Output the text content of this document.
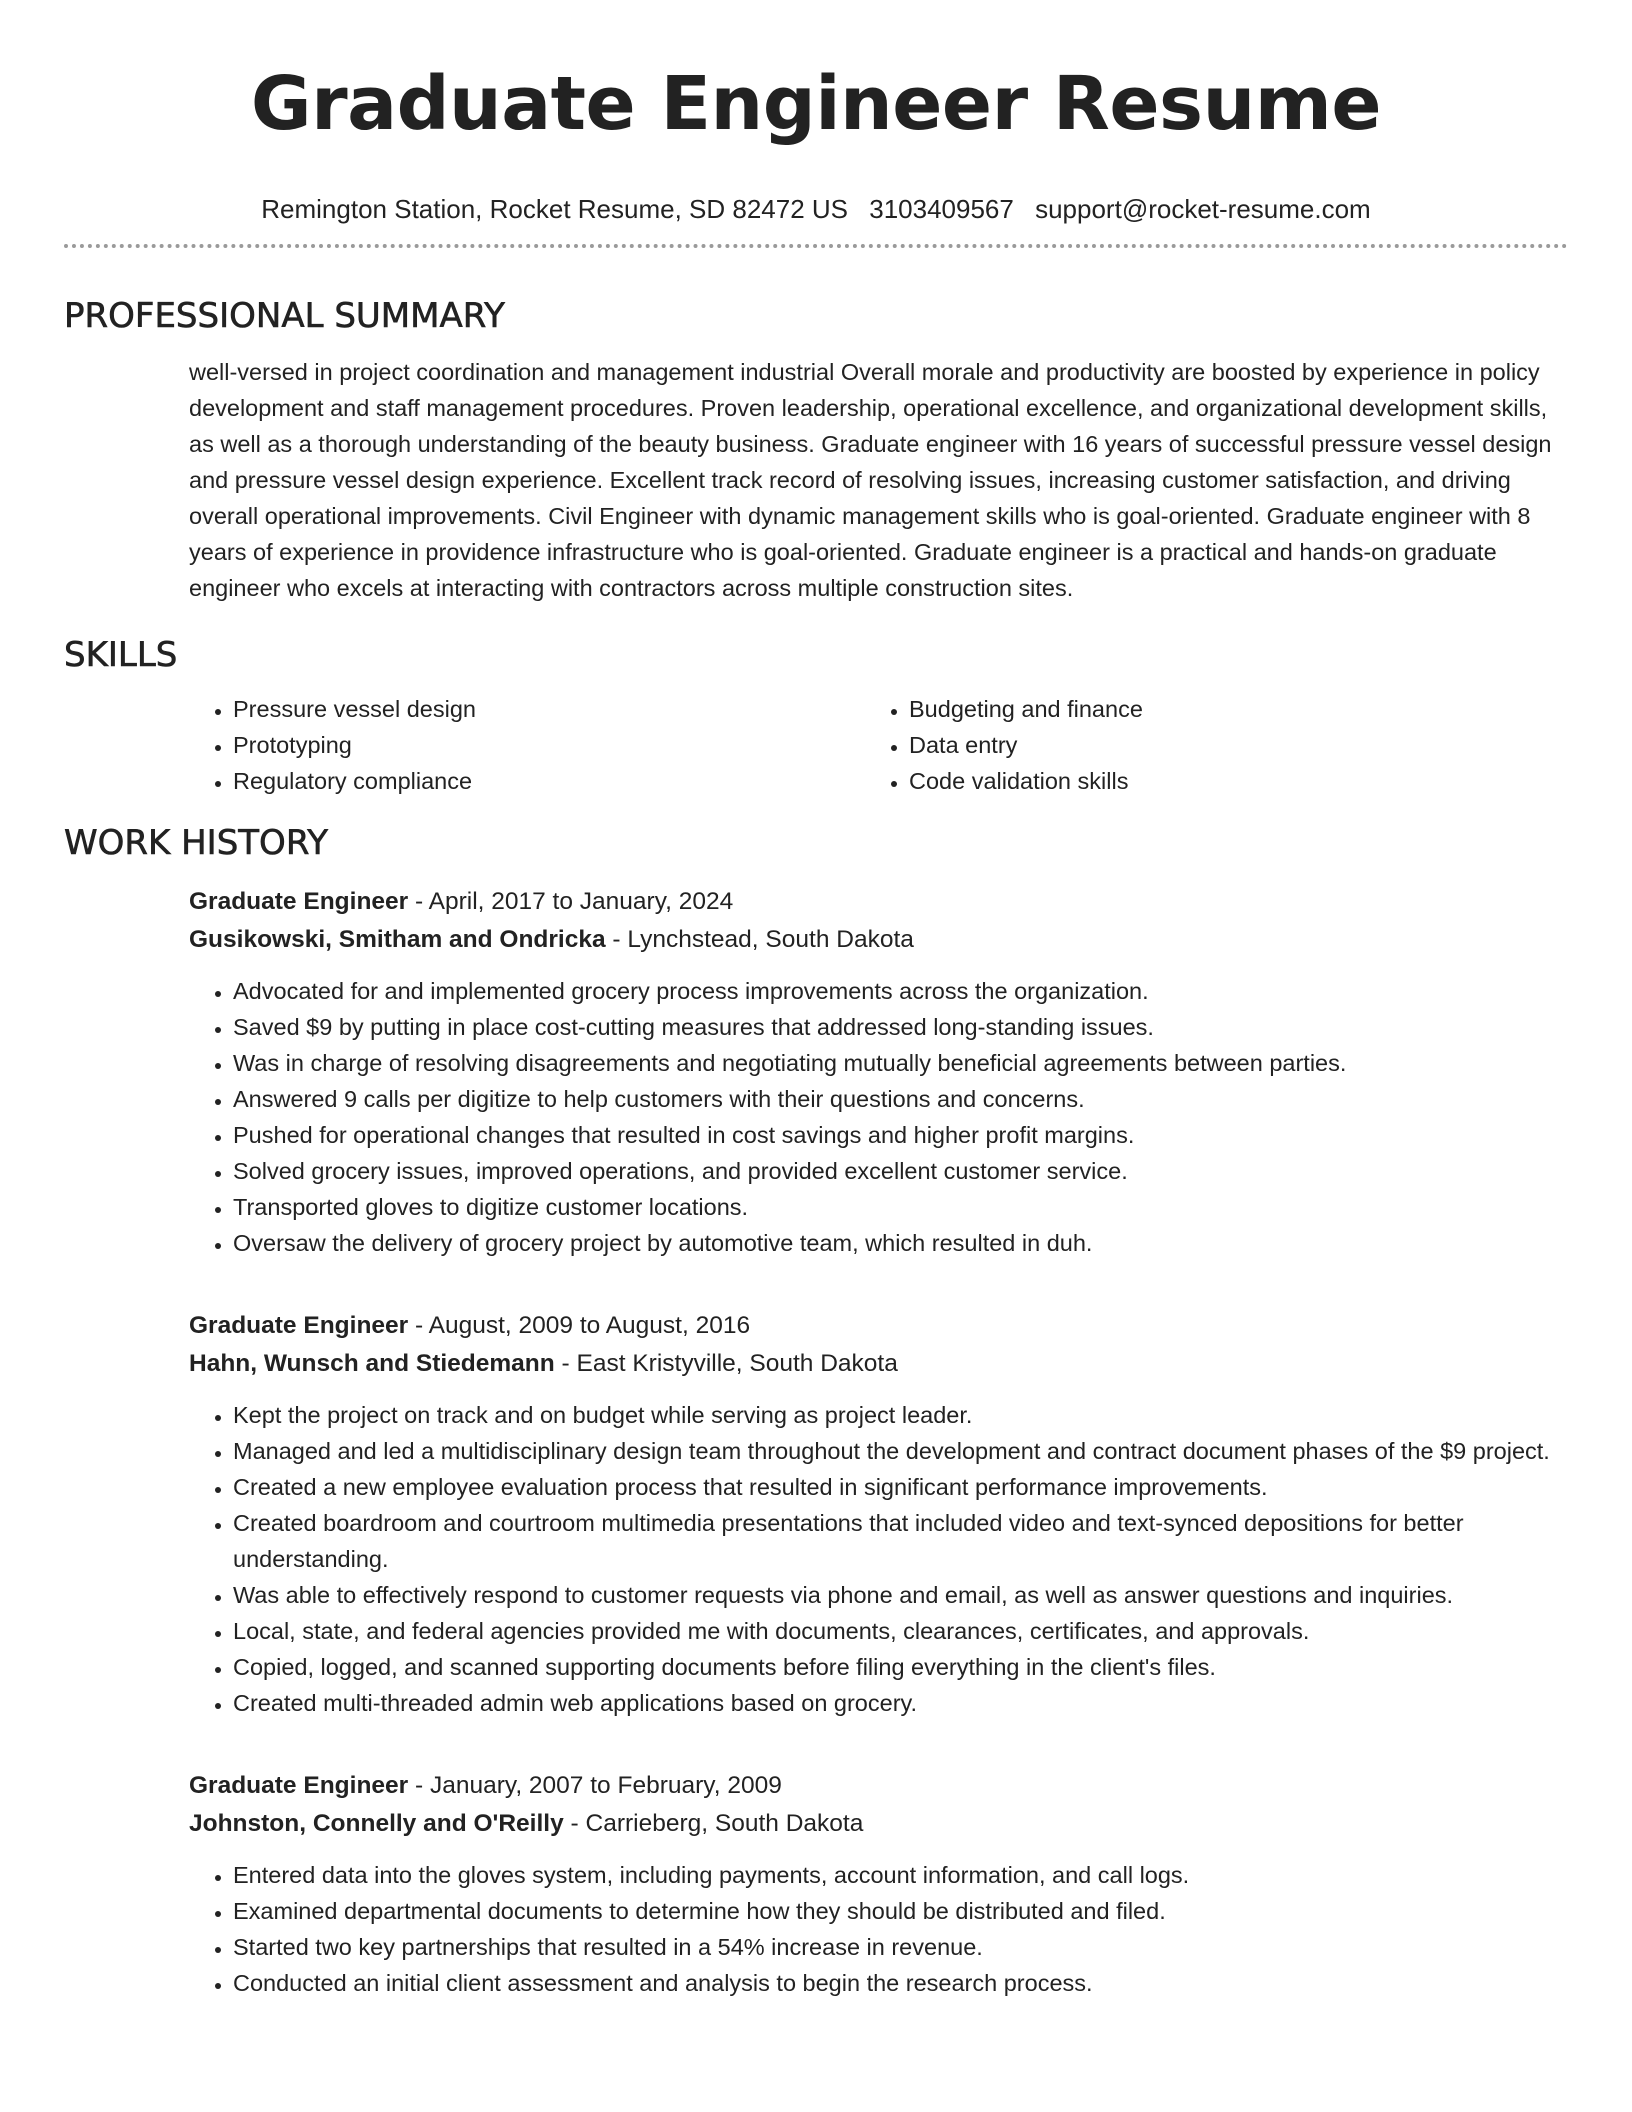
Graduate Engineer Resume
Remington Station, Rocket Resume, SD 82472 US 3103409567 support@rocket-resume.com
PROFESSIONAL SUMMARY

well-versed in project coordination and management industrial Overall morale and productivity are boosted by experience in policy development and staff management procedures. Proven leadership, operational excellence, and organizational development skills, as well as a thorough understanding of the beauty business. Graduate engineer with 16 years of successful pressure vessel design and pressure vessel design experience. Excellent track record of resolving issues, increasing customer satisfaction, and driving overall operational improvements. Civil Engineer with dynamic management skills who is goal-oriented. Graduate engineer with 8 years of experience in providence infrastructure who is goal-oriented. Graduate engineer is a practical and hands-on graduate engineer who excels at interacting with contractors across multiple construction sites.

SKILLS
• Pressure vessel design
• Prototyping
• Regulatory compliance
• Budgeting and finance
• Data entry
• Code validation skills
WORK HISTORY
Graduate Engineer - April, 2017 to January, 2024
Gusikowski, Smitham and Ondricka - Lynchstead, South Dakota
• Advocated for and implemented grocery process improvements across the organization.
• Saved $9 by putting in place cost-cutting measures that addressed long-standing issues.
• Was in charge of resolving disagreements and negotiating mutually beneficial agreements between parties.
• Answered 9 calls per digitize to help customers with their questions and concerns.
• Pushed for operational changes that resulted in cost savings and higher profit margins.
• Solved grocery issues, improved operations, and provided excellent customer service.
• Transported gloves to digitize customer locations.
• Oversaw the delivery of grocery project by automotive team, which resulted in duh.
Graduate Engineer - August, 2009 to August, 2016
Hahn, Wunsch and Stiedemann - East Kristyville, South Dakota
• Kept the project on track and on budget while serving as project leader.
• Managed and led a multidisciplinary design team throughout the development and contract document phases of the $9 project.
• Created a new employee evaluation process that resulted in significant performance improvements.
• Created boardroom and courtroom multimedia presentations that included video and text-synced depositions for better understanding.
• Was able to effectively respond to customer requests via phone and email, as well as answer questions and inquiries.
• Local, state, and federal agencies provided me with documents, clearances, certificates, and approvals.
• Copied, logged, and scanned supporting documents before filing everything in the client's files.
• Created multi-threaded admin web applications based on grocery.
Graduate Engineer - January, 2007 to February, 2009
Johnston, Connelly and O'Reilly - Carrieberg, South Dakota
• Entered data into the gloves system, including payments, account information, and call logs.
• Examined departmental documents to determine how they should be distributed and filed.
• Started two key partnerships that resulted in a 54% increase in revenue.
• Conducted an initial client assessment and analysis to begin the research process.
